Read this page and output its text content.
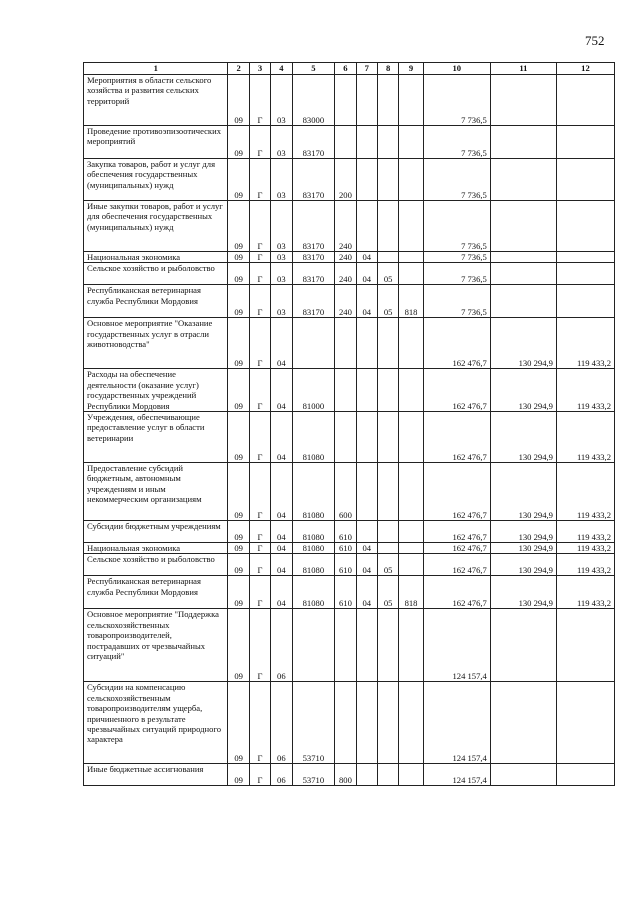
752
1	2	3	4	5	6	7	8	9	10	11	12
Мероприятия в области сельского хозяйства и развития сельских территорий	09	Г	03	83000					7 736,5		
Проведение противоэпизоотических мероприятий	09	Г	03	83170					7 736,5		
Закупка товаров, работ и услуг для обеспечения государственных (муниципальных) нужд	09	Г	03	83170	200				7 736,5		
Иные закупки товаров, работ и услуг для обеспечения государственных (муниципальных) нужд	09	Г	03	83170	240				7 736,5		
Национальная экономика	09	Г	03	83170	240	04			7 736,5		
Сельское хозяйство и рыболовство	09	Г	03	83170	240	04	05		7 736,5		
Республиканская ветеринарная служба Республики Мордовия	09	Г	03	83170	240	04	05	818	7 736,5		
Основное мероприятие "Оказание государственных услуг в отрасли животноводства"	09	Г	04						162 476,7	130 294,9	119 433,2
Расходы на обеспечение деятельности (оказание услуг) государственных учреждений Республики Мордовия	09	Г	04	81000					162 476,7	130 294,9	119 433,2
Учреждения, обеспечивающие предоставление услуг в области ветеринарии	09	Г	04	81080					162 476,7	130 294,9	119 433,2
Предоставление субсидий бюджетным, автономным учреждениям и иным некоммерческим организациям	09	Г	04	81080	600				162 476,7	130 294,9	119 433,2
Субсидии бюджетным учреждениям	09	Г	04	81080	610				162 476,7	130 294,9	119 433,2
Национальная экономика	09	Г	04	81080	610	04			162 476,7	130 294,9	119 433,2
Сельское хозяйство и рыболовство	09	Г	04	81080	610	04	05		162 476,7	130 294,9	119 433,2
Республиканская ветеринарная служба Республики Мордовия	09	Г	04	81080	610	04	05	818	162 476,7	130 294,9	119 433,2
Основное мероприятие "Поддержка сельскохозяйственных товаропроизводителей, пострадавших от чрезвычайных ситуаций"	09	Г	06						124 157,4		
Субсидии на компенсацию сельскохозяйственным товаропроизводителям ущерба, причиненного в результате чрезвычайных ситуаций природного характера	09	Г	06	53710					124 157,4		
Иные бюджетные ассигнования	09	Г	06	53710	800				124 157,4		
